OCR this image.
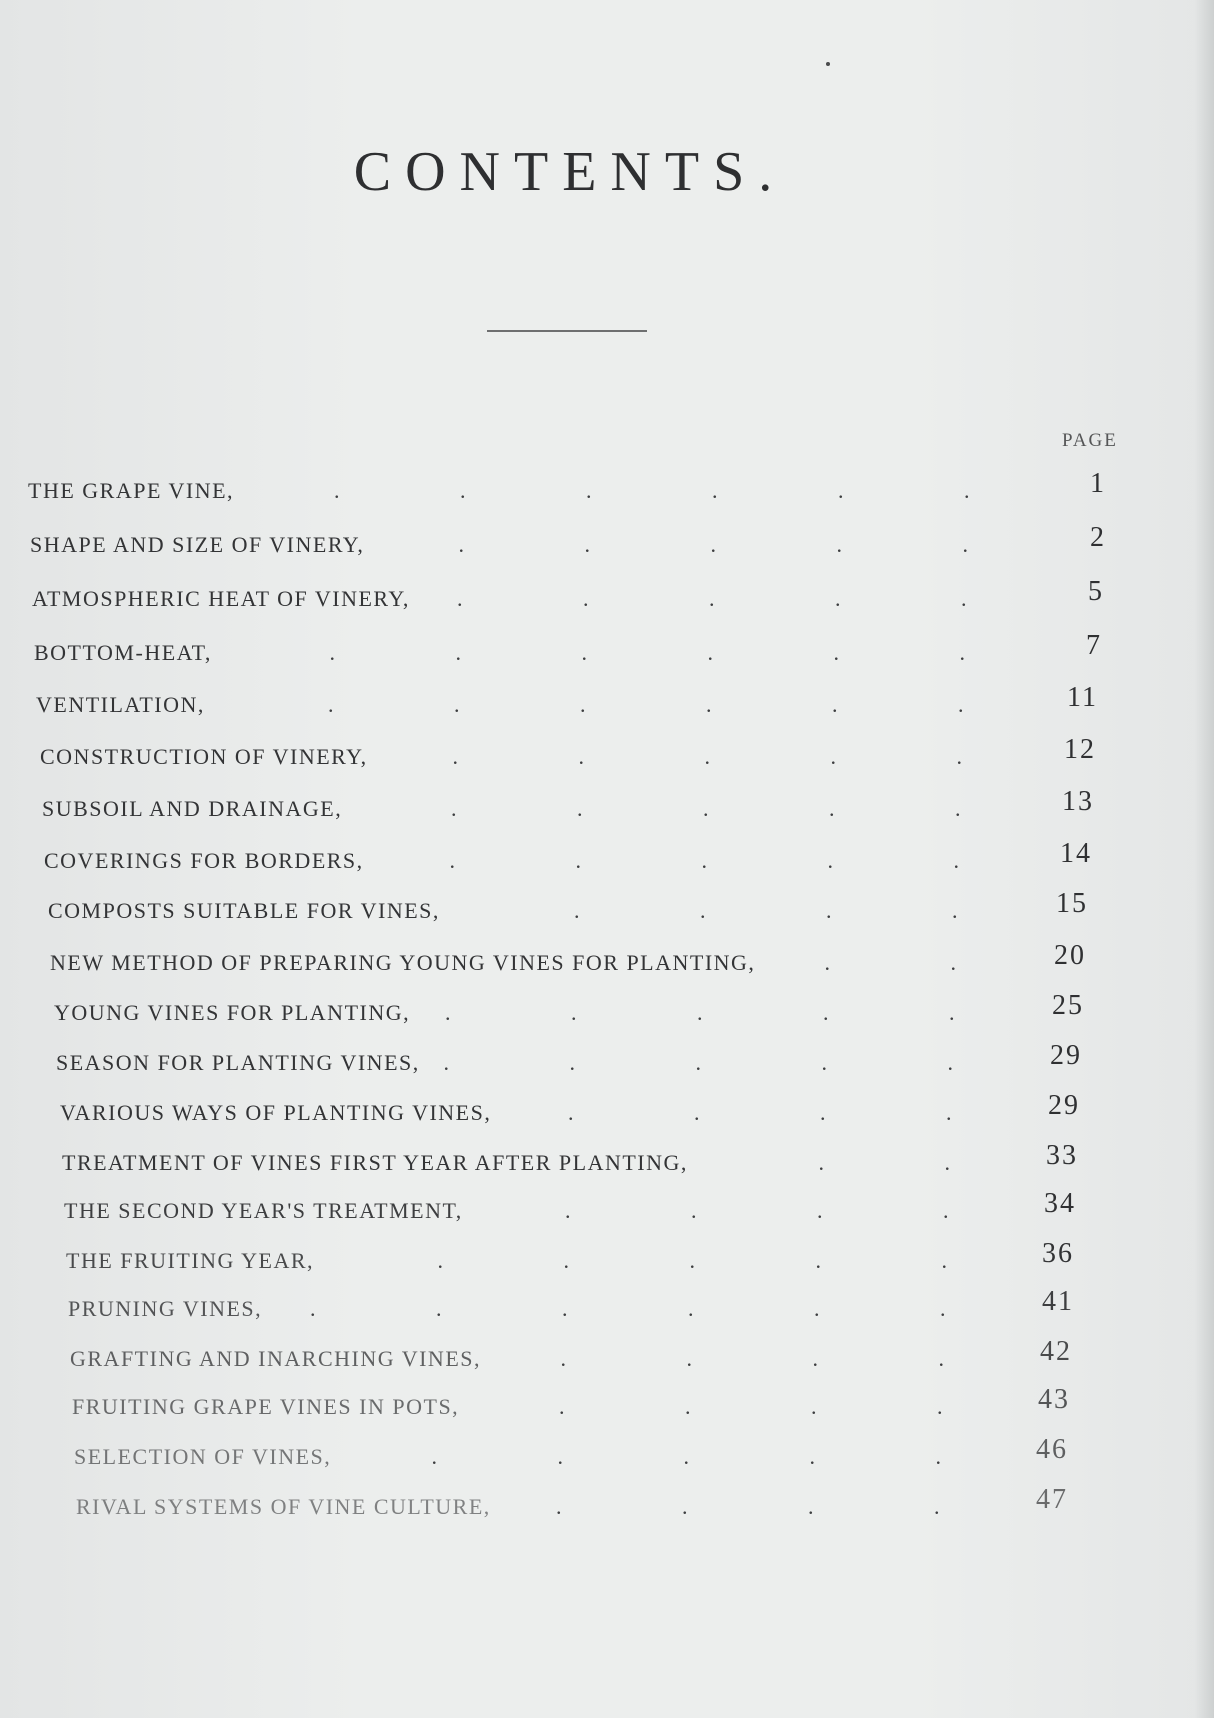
CONTENTS.
PAGE
THE GRAPE VINE,	.	.	.	.	.	.	1
SHAPE AND SIZE OF VINERY,	.	.	.	.	.	2
ATMOSPHERIC HEAT OF VINERY, .	.	.	.	.	5
BOTTOM-HEAT,	.	.	.	.	.	.	7
VENTILATION,	.	.	.	.	.	.	11
CONSTRUCTION OF VINERY,	.	.	.	.	.	12
SUBSOIL AND DRAINAGE,	.	.	.	.	.	13
COVERINGS FOR BORDERS,	.	.	.	.	.	14
COMPOSTS SUITABLE FOR VINES,	.	.	.	.	15
NEW METHOD OF PREPARING YOUNG VINES FOR PLANTING,	.	.	20
YOUNG VINES FOR PLANTING, .	.	.	.	.	25
SEASON FOR PLANTING VINES, .	.	.	.	.	29
VARIOUS WAYS OF PLANTING VINES,	.	.	.	.	29
TREATMENT OF VINES FIRST YEAR AFTER PLANTING,	.	.	33
THE SECOND YEAR'S TREATMENT,	.	.	.	.	34
THE FRUITING YEAR,	.	.	.	.	.	36
PRUNING VINES, .	.	.	.	.	.	41
GRAFTING AND INARCHING VINES,	.	.	.	.	42
FRUITING GRAPE VINES IN POTS,	.	.	.	.	43
SELECTION OF VINES,	.	.	.	.	.	46
RIVAL SYSTEMS OF VINE CULTURE,	.	.	.	.	47
